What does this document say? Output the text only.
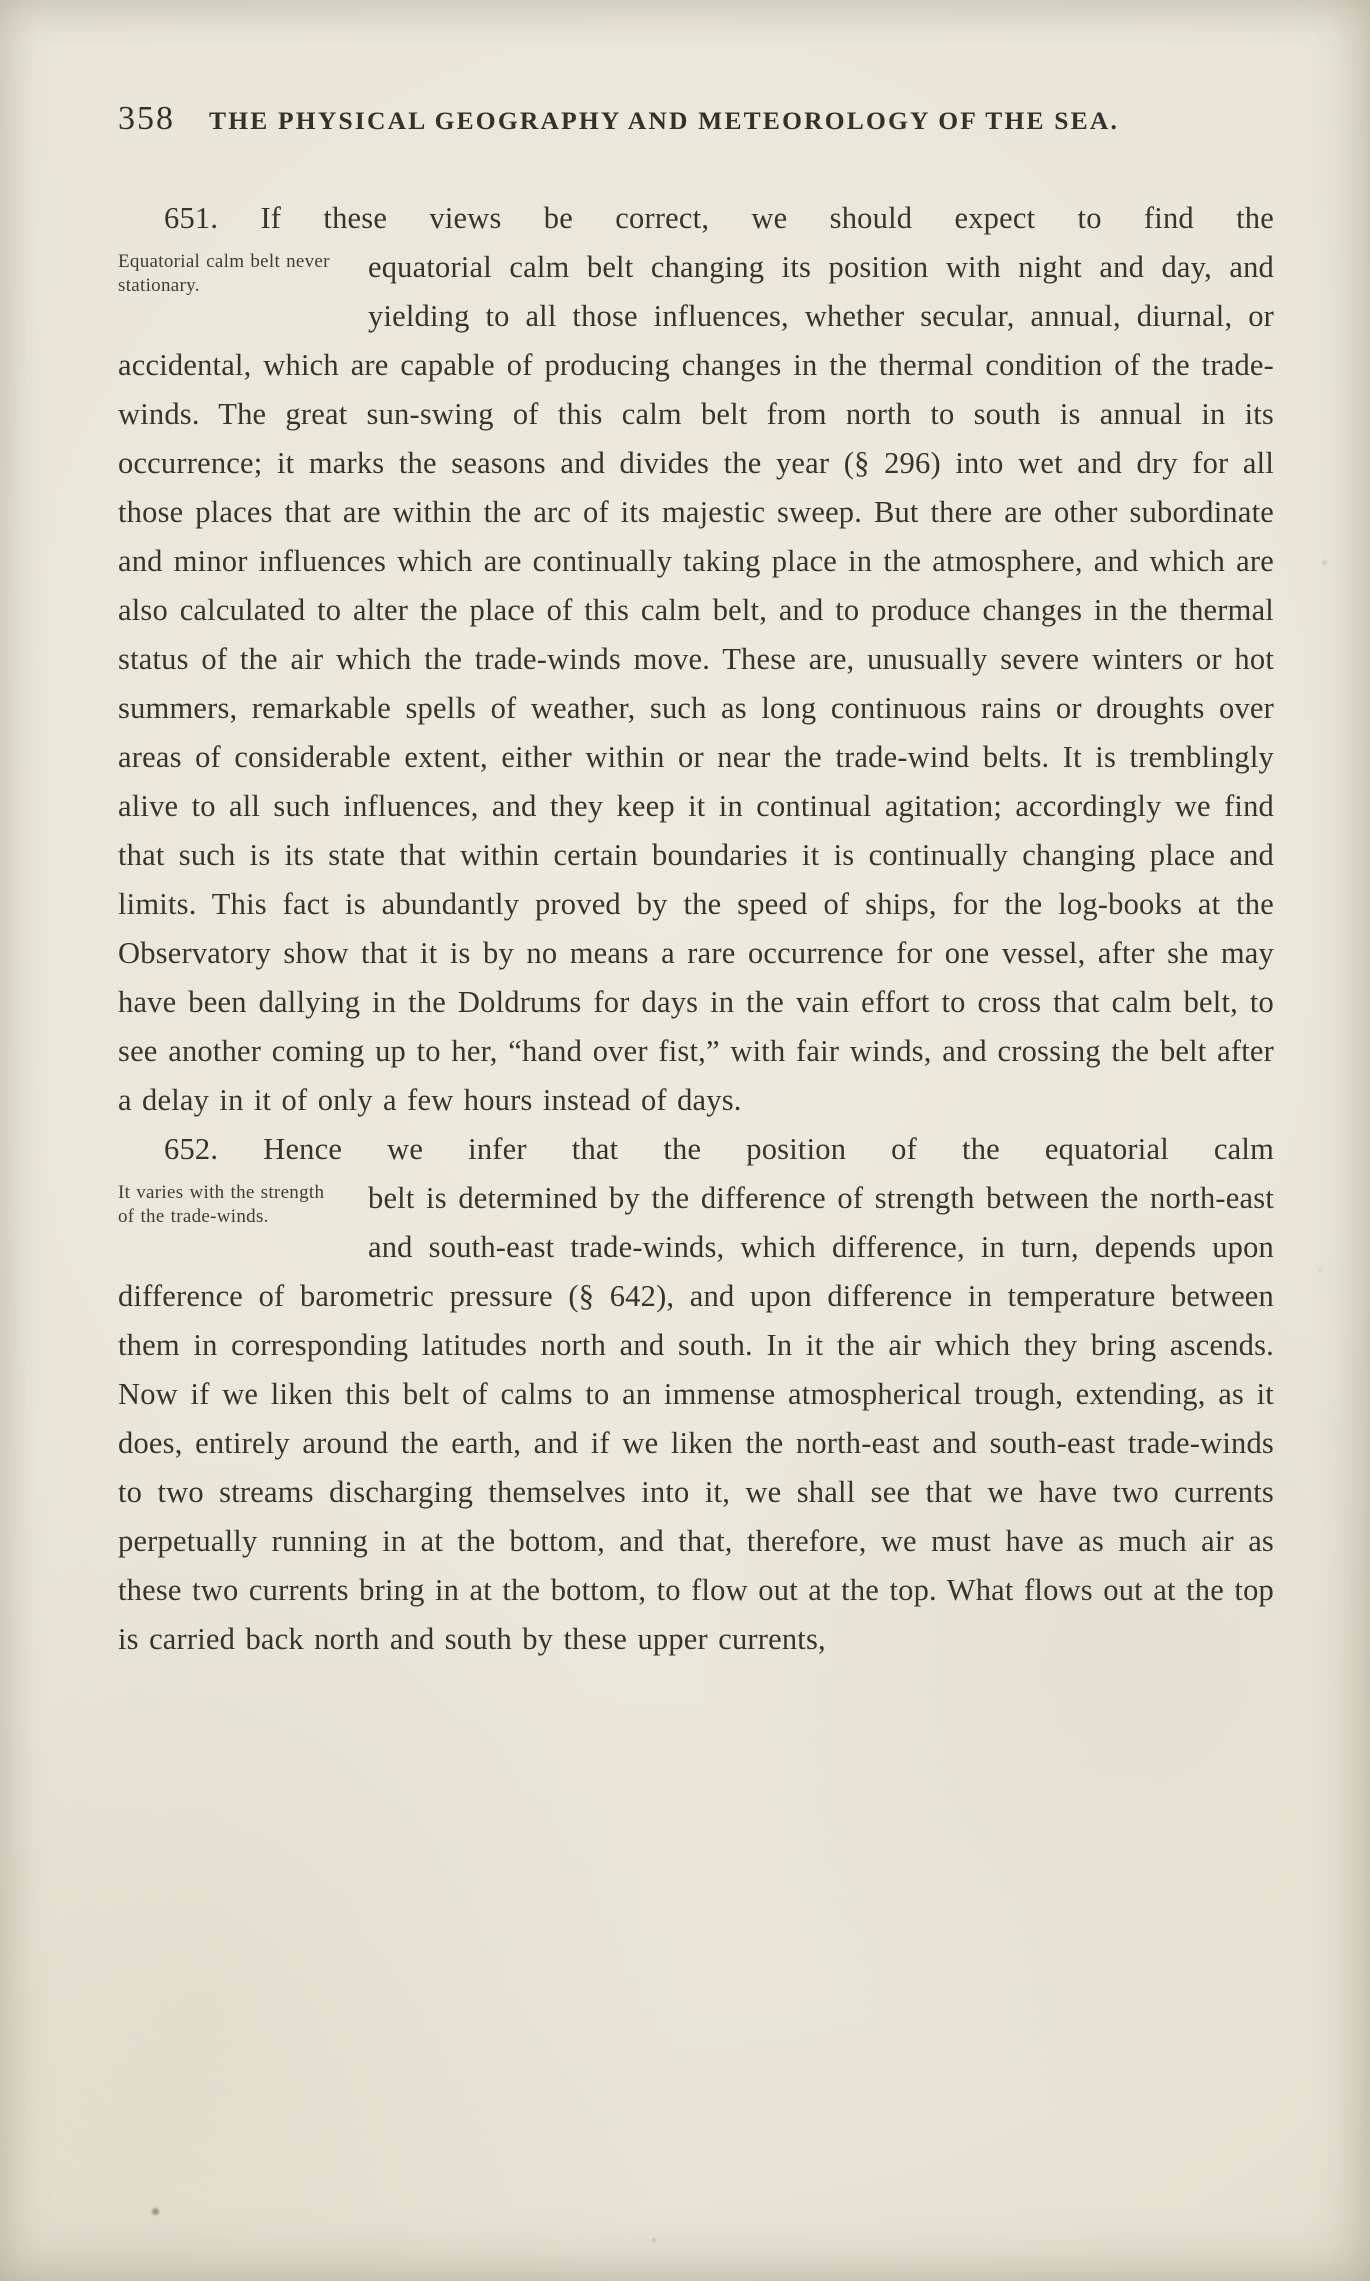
358 THE PHYSICAL GEOGRAPHY AND METEOROLOGY OF THE SEA.
651. If these views be correct, we should expect to find the
Equatorial calm belt never stationary.
equatorial calm belt changing its position with night and day, and yielding to all those influences, whether secular, annual, diurnal, or accidental, which are capable of producing changes in the thermal condition of the trade-winds. The great sun-swing of this calm belt from north to south is annual in its occurrence; it marks the seasons and divides the year (§ 296) into wet and dry for all those places that are within the arc of its majestic sweep. But there are other subordinate and minor influences which are continually taking place in the atmosphere, and which are also calculated to alter the place of this calm belt, and to produce changes in the thermal status of the air which the trade-winds move. These are, unusually severe winters or hot summers, remarkable spells of weather, such as long continuous rains or droughts over areas of considerable extent, either within or near the trade-wind belts. It is tremblingly alive to all such influences, and they keep it in continual agitation; accordingly we find that such is its state that within certain boundaries it is continually changing place and limits. This fact is abundantly proved by the speed of ships, for the log-books at the Observatory show that it is by no means a rare occurrence for one vessel, after she may have been dallying in the Doldrums for days in the vain effort to cross that calm belt, to see another coming up to her, “hand over fist,” with fair winds, and crossing the belt after a delay in it of only a few hours instead of days.
652. Hence we infer that the position of the equatorial calm
It varies with the strength of the trade-winds.
belt is determined by the difference of strength between the north-east and south-east trade-winds, which difference, in turn, depends upon difference of barometric pressure (§ 642), and upon difference in temperature between them in corresponding latitudes north and south. In it the air which they bring ascends. Now if we liken this belt of calms to an immense atmospherical trough, extending, as it does, entirely around the earth, and if we liken the north-east and south-east trade-winds to two streams discharging themselves into it, we shall see that we have two currents perpetually running in at the bottom, and that, therefore, we must have as much air as these two currents bring in at the bottom, to flow out at the top. What flows out at the top is carried back north and south by these upper currents,
